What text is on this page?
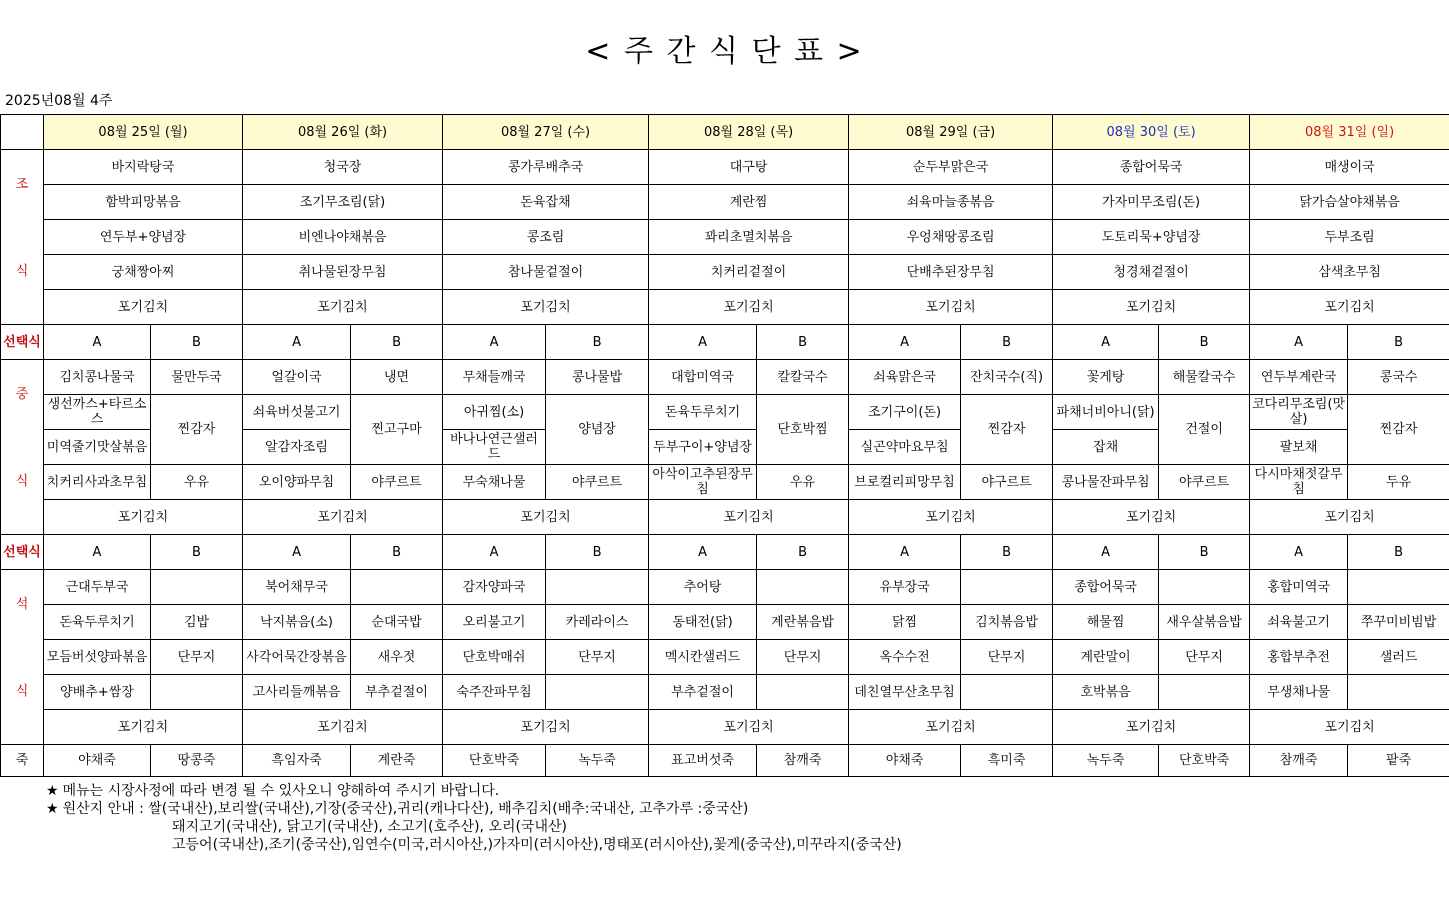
< 주 간 식 단 표 >
2025년08월 4주
	08월 25일 (월)		08월 26일 (화)		08월 27일 (수)		08월 28일 (목)		08월 29일 (금)		08월 30일 (토)		08월 31일 (일)	
조	바지락탕국		청국장		콩가루배추국		대구탕		순두부맑은국		종합어묵국		매생이국	
	함박피망볶음		조기무조림(닭)		돈육잡채		계란찜		쇠육마늘종볶음		가자미무조림(돈)		닭가슴살야채볶음	
식	연두부+양념장		비엔나야채볶음		콩조림		꽈리초멸치볶음		우엉채땅콩조림		도토리묵+양념장		두부조림	
	궁채짱아찌		취나물된장무침		참나물겉절이		치커리겉절이		단배추된장무침		청경채겉절이		삼색초무침	
	포기김치		포기김치		포기김치		포기김치		포기김치		포기김치		포기김치	
선택식	A	B	A	B	A	B	A	B	A	B	A	B	A	B
중	김치콩나물국	물만두국	얼갈이국	냉면	무채들깨국	콩나물밥	대합미역국	칼칼국수	쇠육맑은국	잔치국수(직)	꽃게탕	해물칼국수	연두부계란국	콩국수
	생선까스+타르소스	찐감자	쇠육버섯불고기	찐고구마	아귀찜(소)	양념장	돈육두루치기	단호박찜	조기구이(돈)	찐감자	파채너비아니(닭)	건절이	코다리무조림(맛살)	찐감자
식	미역줄기맛살볶음		알감자조림		바나나연근샐러드		두부구이+양념장		실곤약마요무침		잡채		팔보채	
	치커리사과초무침	우유	오이양파무침	야쿠르트	무숙채나물	야쿠르트	아삭이고추된장무침	우유	브로컬리피망무침	야구르트	콩나물잔파무침	야쿠르트	다시마채젓갈무침	두유
	포기김치		포기김치		포기김치		포기김치		포기김치		포기김치		포기김치	
선택식	A	B	A	B	A	B	A	B	A	B	A	B	A	B
석	근대두부국		북어채무국		감자양파국		추어탕		유부장국		종합어묵국		홍합미역국	
	돈육두루치기	김밥	낙지볶음(소)	순대국밥	오리불고기	카레라이스	동태전(닭)	계란볶음밥	닭찜	김치볶음밥	해물찜	새우살볶음밥	쇠육불고기	쭈꾸미비빔밥
식	모듬버섯양파볶음	단무지	사각어묵간장볶음	새우젓	단호박매쉬	단무지	멕시칸샐러드	단무지	옥수수전	단무지	계란말이	단무지	홍합부추전	샐러드
	양배추+쌈장		고사리들깨볶음	부추겉절이	숙주잔파무침		부추겉절이		데친열무산초무침		호박볶음		무생채나물	
	포기김치		포기김치		포기김치		포기김치		포기김치		포기김치		포기김치	
죽	야채죽	땅콩죽	흑임자죽	계란죽	단호박죽	녹두죽	표고버섯죽	참깨죽	야채죽	흑미죽	녹두죽	단호박죽	참깨죽	팥죽
★ 메뉴는 시장사정에 따라 변경 될 수 있사오니 양해하여 주시기 바랍니다.
★ 원산지 안내 : 쌀(국내산),보리쌀(국내산),기장(중국산),귀리(캐나다산), 배추김치(배추:국내산, 고추가루 :중국산)
돼지고기(국내산), 닭고기(국내산), 소고기(호주산), 오리(국내산)
고등어(국내산),조기(중국산),임연수(미국,러시아산,)가자미(러시아산),명태포(러시아산),꽃게(중국산),미꾸라지(중국산)
